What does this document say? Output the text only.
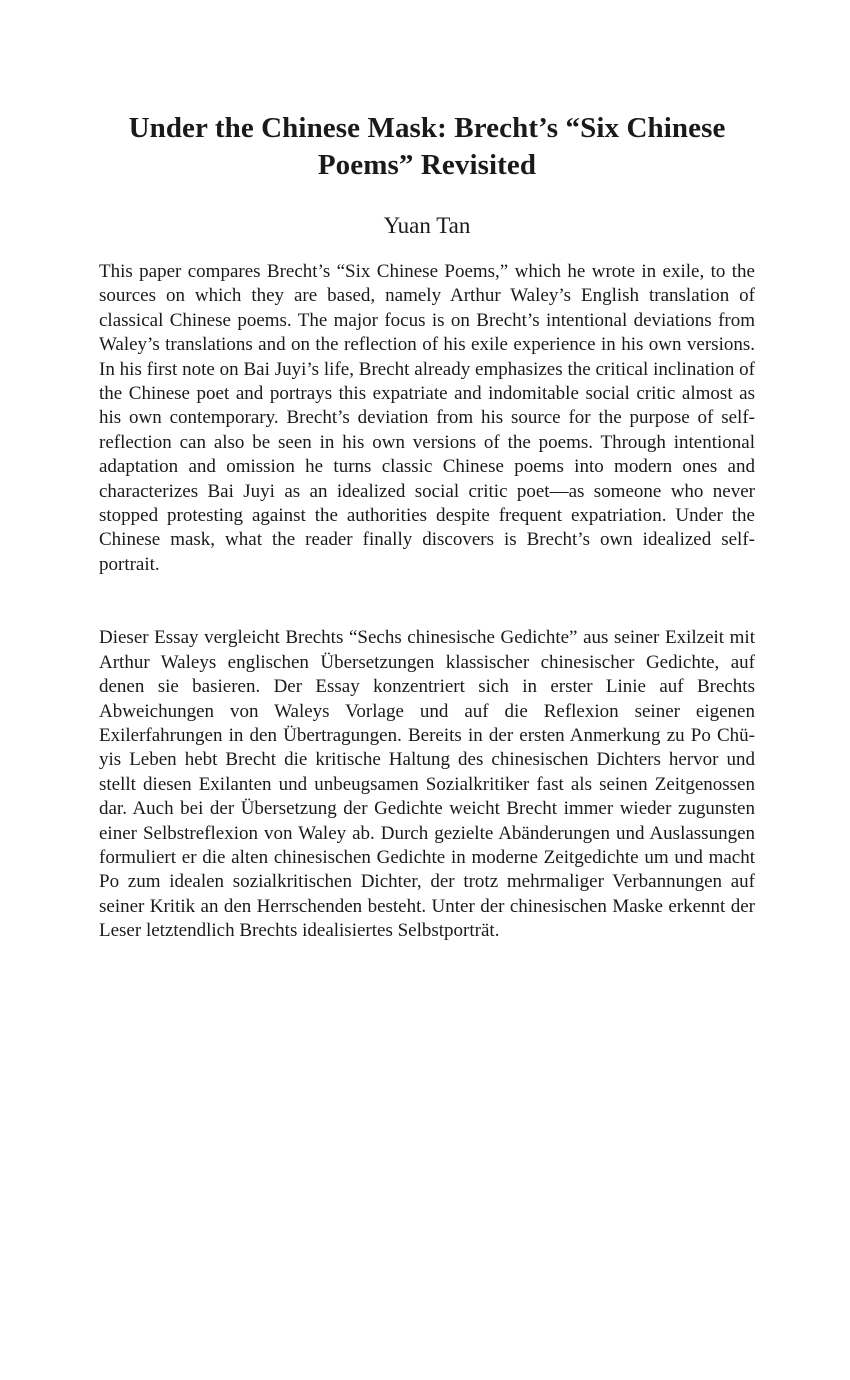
Under the Chinese Mask: Brecht’s “Six Chinese Poems” Revisited
Yuan Tan

This paper compares Brecht’s “Six Chinese Poems,” which he wrote in exile, to the sources on which they are based, namely Arthur Waley’s English translation of classical Chinese poems. The major focus is on Brecht’s intentional deviations from Waley’s translations and on the reflection of his exile experience in his own versions. In his first note on Bai Juyi’s life, Brecht already emphasizes the critical inclination of the Chinese poet and portrays this expatriate and indomitable social critic almost as his own contemporary. Brecht’s deviation from his source for the purpose of self-reflection can also be seen in his own versions of the poems. Through intentional adaptation and omission he turns classic Chinese poems into modern ones and characterizes Bai Juyi as an idealized social critic poet—as someone who never stopped protesting against the authorities despite frequent expatriation. Under the Chinese mask, what the reader finally discovers is Brecht’s own idealized self-portrait.

Dieser Essay vergleicht Brechts “Sechs chinesische Gedichte” aus seiner Exilzeit mit Arthur Waleys englischen Übersetzungen klassischer chinesischer Gedichte, auf denen sie basieren. Der Essay konzentriert sich in erster Linie auf Brechts Abweichungen von Waleys Vorlage und auf die Reflexion seiner eigenen Exilerfahrungen in den Übertragungen. Bereits in der ersten Anmerkung zu Po Chü-yis Leben hebt Brecht die kritische Haltung des chinesischen Dichters hervor und stellt diesen Exilanten und unbeugsamen Sozialkritiker fast als seinen Zeitgenossen dar. Auch bei der Übersetzung der Gedichte weicht Brecht immer wieder zugunsten einer Selbstreflexion von Waley ab. Durch gezielte Abänderungen und Auslassungen formuliert er die alten chinesischen Gedichte in moderne Zeitgedichte um und macht Po zum idealen sozialkritischen Dichter, der trotz mehrmaliger Verbannungen auf seiner Kritik an den Herrschenden besteht. Unter der chinesischen Maske erkennt der Leser letztendlich Brechts idealisiertes Selbstporträt.
